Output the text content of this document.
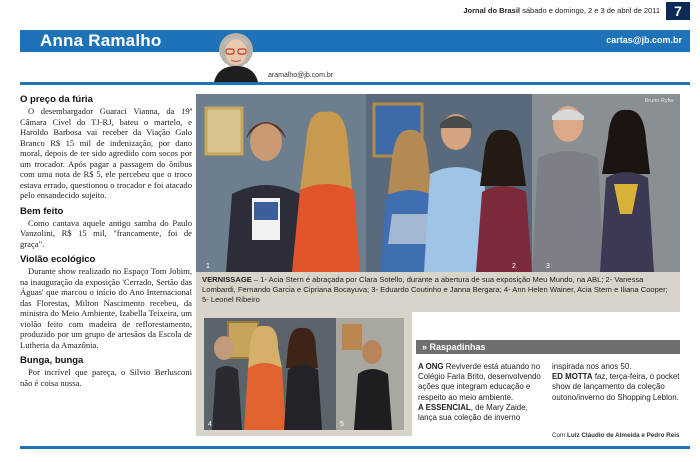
Jornal do Brasil sábado e domingo, 2 e 3 de abril de 2011	7
Anna Ramalho	cartas@jb.com.br
aramalho@jb.com.br
O preço da fúria

O desembargador Guaraci Vianna, da 19ª Câmara Cível do TJ-RJ, bateu o martelo, e Haroldo Barbosa vai receber da Viação Galo Branco R$ 15 mil de indenização, por dano moral, depois de ter sido agredido com socos por um trocador. Após pagar a passagem do ônibus com uma nota de R$ 5, ele percebeu que o troco estava errado, questionou o trocador e foi atacado pelo ensandecido sujeito.

Bem feito

Como cantava aquele antigo samba do Paulo Vanzolini, R$ 15 mil, "francamente, foi de graça".

Violão ecológico

Durante show realizado no Espaço Tom Jobim, na inauguração da exposição 'Cerrado, Sertão das Águas' que marcou o início do Ano Internacional das Florestas, Milton Nascimento recebeu, da ministra do Meio Ambiente, Izabella Teixeira, um violão feito com madeira de reflorestamento, produzido por um grupo de artesãos da Escola de Lutheria da Amazônia.

Bunga, bunga

Por incrível que pareça, o Silvio Berlusconi não é coisa nossa.

1	2	3
Bruno Ryfer
VERNISSAGE – 1- Acia Stern é abraçada por Clara Sotello, durante a abertura de sua exposição Meu Mundo, na ABL; 2- Vanessa Lombardi, Fernando Garcia e Cipriana Bocayuva; 3- Eduardo Coutinho e Janna Bergara; 4- Ann Helen Wainer, Acia Stern e Iliana Cooper; 5- Leonel Ribeiro
4	5
» Raspadinhas
A ONG Reviverde está atuando no Colégio Faria Brito, desenvolvendo ações que integram educação e respeito ao meio ambiente.
A ESSENCIAL, de Mary Zaide, lança sua coleção de inverno
inspirada nos anos 50.
ED MOTTA faz, terça-feira, o pocket show de lançamento da coleção outono/inverno do Shopping Leblon.
Com Luiz Cláudio de Almeida e Pedro Reis
